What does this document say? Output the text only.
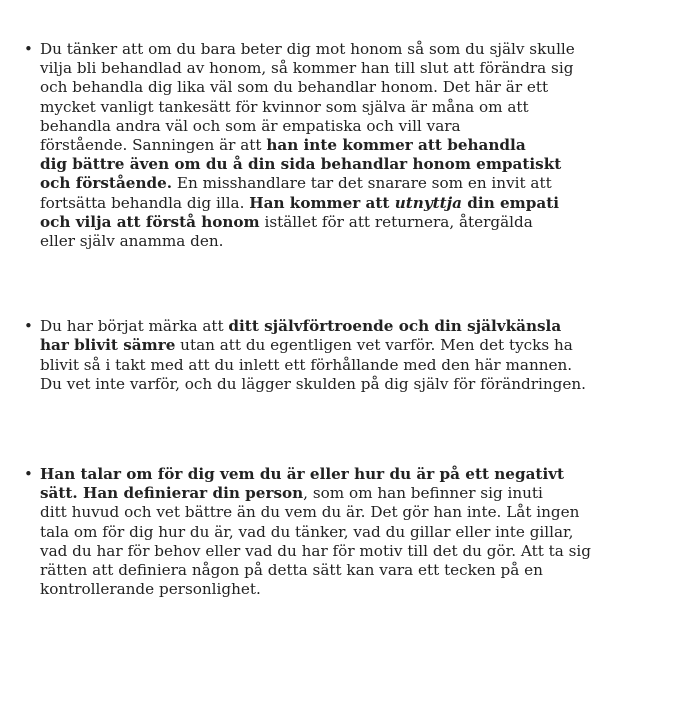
• Du tänker att om du bara beter dig mot honom så som du själv skulle
vilja bli behandlad av honom, så kommer han till slut att förändra sig
och behandla dig lika väl som du behandlar honom. Det här är ett
mycket vanligt tankesätt för kvinnor som själva är måna om att
behandla andra väl och som är empatiska och vill vara
förstående. Sanningen är att han inte kommer att behandla
dig bättre även om du å din sida behandlar honom empatiskt
och förstående. En misshandlare tar det snarare som en invit att
fortsätta behandla dig illa. Han kommer att utnyttja din empati
och vilja att förstå honom istället för att returnera, återgälda
eller själv anamma den.
• Du har börjat märka att ditt självförtroende och din självkänsla
har blivit sämre utan att du egentligen vet varför. Men det tycks ha
blivit så i takt med att du inlett ett förhållande med den här mannen.
Du vet inte varför, och du lägger skulden på dig själv för förändringen.
• Han talar om för dig vem du är eller hur du är på ett negativt
sätt. Han definierar din person, som om han befinner sig inuti
ditt huvud och vet bättre än du vem du är. Det gör han inte. Låt ingen
tala om för dig hur du är, vad du tänker, vad du gillar eller inte gillar,
vad du har för behov eller vad du har för motiv till det du gör. Att ta sig
rätten att definiera någon på detta sätt kan vara ett tecken på en
kontrollerande personlighet.
